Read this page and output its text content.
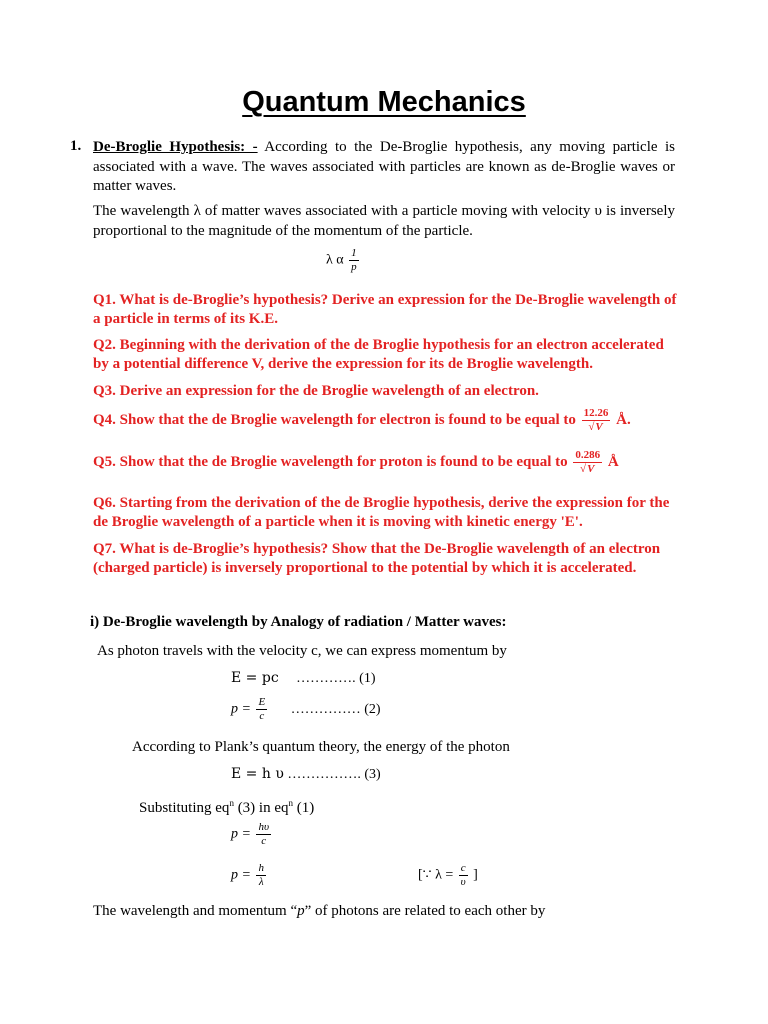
Quantum Mechanics
1. De-Broglie Hypothesis: - According to the De-Broglie hypothesis, any moving particle is associated with a wave. The waves associated with particles are known as de-Broglie waves or matter waves.
The wavelength λ of matter waves associated with a particle moving with velocity υ is inversely proportional to the magnitude of the momentum of the particle.
λ α $\frac{1}{p}$
Q1. What is de-Broglie’s hypothesis? Derive an expression for the De-Broglie wavelength of a particle in terms of its K.E.
Q2. Beginning with the derivation of the de Broglie hypothesis for an electron accelerated by a potential difference V, derive the expression for its de Broglie wavelength.
Q3. Derive an expression for the de Broglie wavelength of an electron.
Q4. Show that the de Broglie wavelength for electron is found to be equal to $\frac{12.26}{√V}$ Å.
Q5. Show that the de Broglie wavelength for proton is found to be equal to $\frac{0.286}{√V}$ Å
Q6. Starting from the derivation of the de Broglie hypothesis, derive the expression for the de Broglie wavelength of a particle when it is moving with kinetic energy 'E'.
Q7. What is de-Broglie’s hypothesis? Show that the De-Broglie wavelength of an electron (charged particle) is inversely proportional to the potential by which it is accelerated.
i) De-Broglie wavelength by Analogy of radiation / Matter waves:
As photon travels with the velocity c, we can express momentum by
E = pc …………. (1)
$p = \frac{E}{c}$ …………… (2)
According to Plank’s quantum theory, the energy of the photon
E = h υ ……………. (3)
Substituting $eq^n$ (3) in $eq^n$ (1)
$p = \frac{h\upsilon}{c}$
$p = \frac{h}{\lambda}$	[∵ $\lambda = \frac{c}{\upsilon}$ ]
The wavelength and momentum “p” of photons are related to each other by
